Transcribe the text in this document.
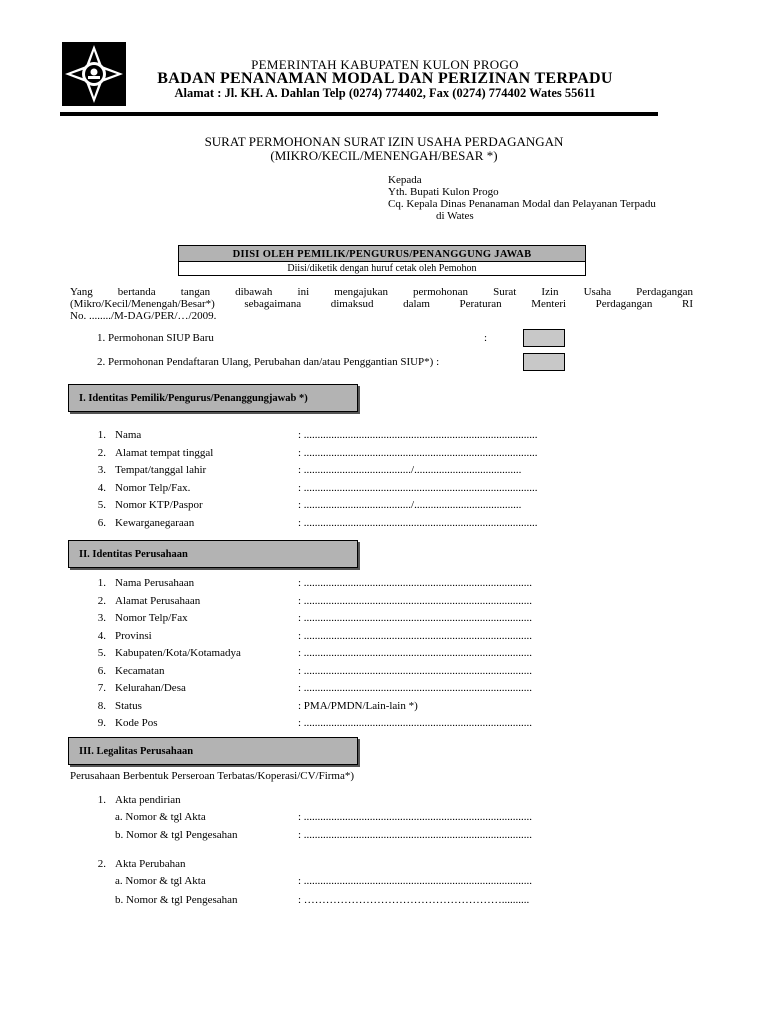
PEMERINTAH KABUPATEN KULON PROGO
BADAN PENANAMAN MODAL DAN PERIZINAN TERPADU
Alamat : Jl. KH. A. Dahlan Telp (0274) 774402, Fax (0274) 774402 Wates 55611
SURAT PERMOHONAN SURAT IZIN USAHA PERDAGANGAN
(MIKRO/KECIL/MENENGAH/BESAR *)
Kepada
Yth. Bupati Kulon Progo
Cq. Kepala Dinas Penanaman Modal dan Pelayanan Terpadu
di Wates
DIISI OLEH PEMILIK/PENGURUS/PENANGGUNG JAWAB
Diisi/diketik dengan huruf cetak oleh Pemohon
Yang bertanda tangan dibawah ini mengajukan permohonan Surat Izin Usaha Perdagangan
(Mikro/Kecil/Menengah/Besar*) sebagaimana dimaksud dalam Peraturan Menteri Perdagangan RI
No. ......../M-DAG/PER/…/2009.
1. Permohonan SIUP Baru	:
2. Permohonan Pendaftaran Ulang, Perubahan dan/atau Penggantian SIUP*) :
I. Identitas Pemilik/Pengurus/Penanggungjawab *)
1. Nama	: .....................................................................................
2. Alamat tempat tinggal	: .....................................................................................
3. Tempat/tanggal lahir	: ......................................./.......................................
4. Nomor Telp/Fax.	: .....................................................................................
5. Nomor KTP/Paspor	: ......................................./.......................................
6. Kewarganegaraan	: .....................................................................................
II. Identitas Perusahaan
1. Nama Perusahaan	: ...................................................................................
2. Alamat Perusahaan	: ...................................................................................
3. Nomor Telp/Fax	: ...................................................................................
4. Provinsi	: ...................................................................................
5. Kabupaten/Kota/Kotamadya	: ...................................................................................
6. Kecamatan	: ...................................................................................
7. Kelurahan/Desa	: ...................................................................................
8. Status	: PMA/PMDN/Lain-lain *)
9. Kode Pos	: ...................................................................................
III. Legalitas Perusahaan
Perusahaan Berbentuk Perseroan Terbatas/Koperasi/CV/Firma*)
1. Akta pendirian
a. Nomor & tgl Akta	: ...................................................................................
b. Nomor & tgl Pengesahan	: ...................................................................................
2. Akta Perubahan
a. Nomor & tgl Akta	: ...................................................................................
b. Nomor & tgl Pengesahan	: ………………………………………………..........
